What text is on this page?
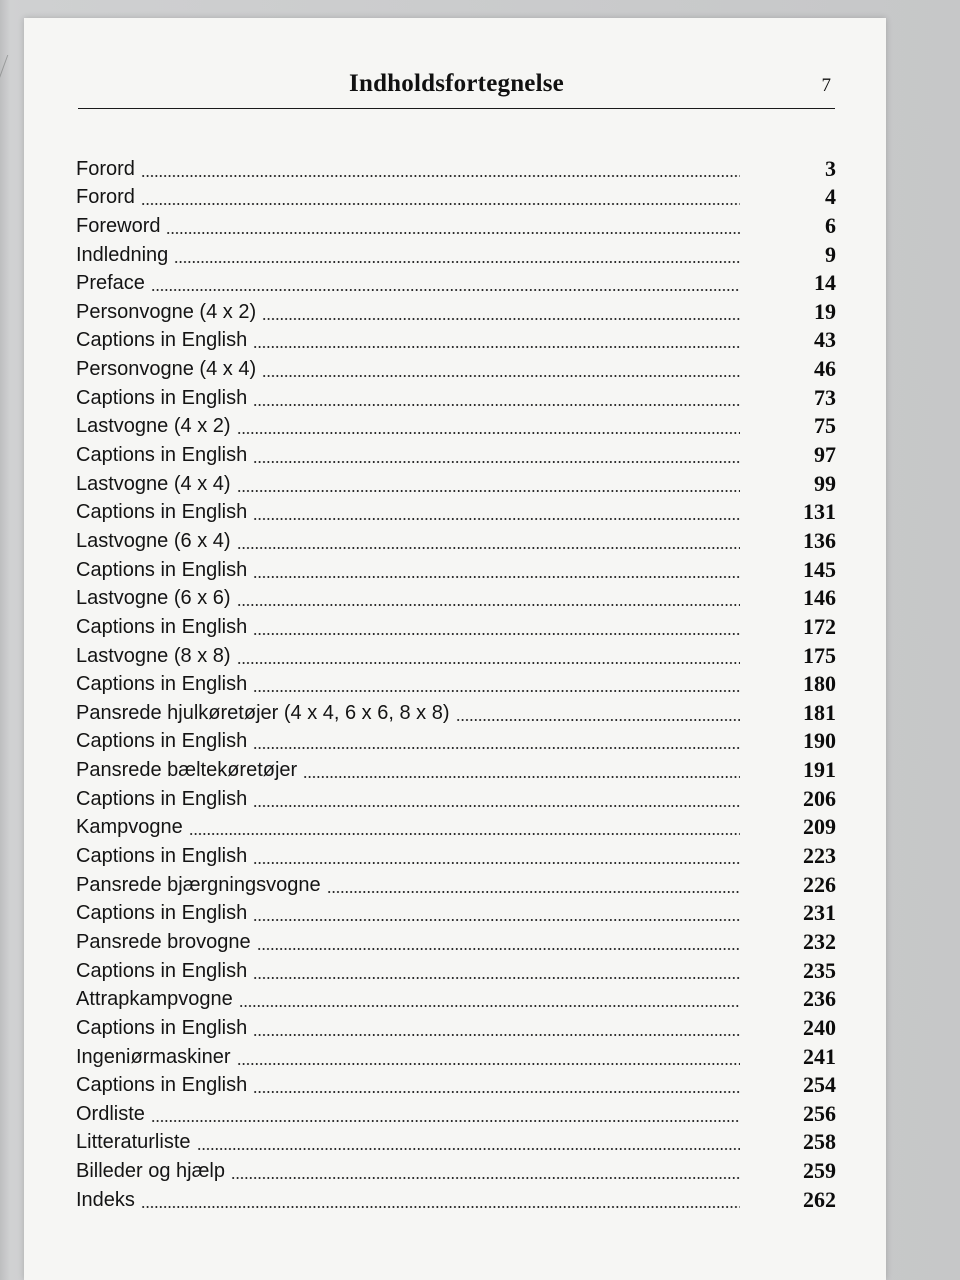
Indholdsfortegnelse	7
Forord	3
Forord	4
Foreword	6
Indledning	9
Preface	14
Personvogne (4 x 2)	19
Captions in English	43
Personvogne (4 x 4)	46
Captions in English	73
Lastvogne (4 x 2)	75
Captions in English	97
Lastvogne (4 x 4)	99
Captions in English	131
Lastvogne (6 x 4)	136
Captions in English	145
Lastvogne (6 x 6)	146
Captions in English	172
Lastvogne (8 x 8)	175
Captions in English	180
Pansrede hjulkøretøjer (4 x 4, 6 x 6, 8 x 8)	181
Captions in English	190
Pansrede bæltekøretøjer	191
Captions in English	206
Kampvogne	209
Captions in English	223
Pansrede bjærgningsvogne	226
Captions in English	231
Pansrede brovogne	232
Captions in English	235
Attrapkampvogne	236
Captions in English	240
Ingeniørmaskiner	241
Captions in English	254
Ordliste	256
Litteraturliste	258
Billeder og hjælp	259
Indeks	262
